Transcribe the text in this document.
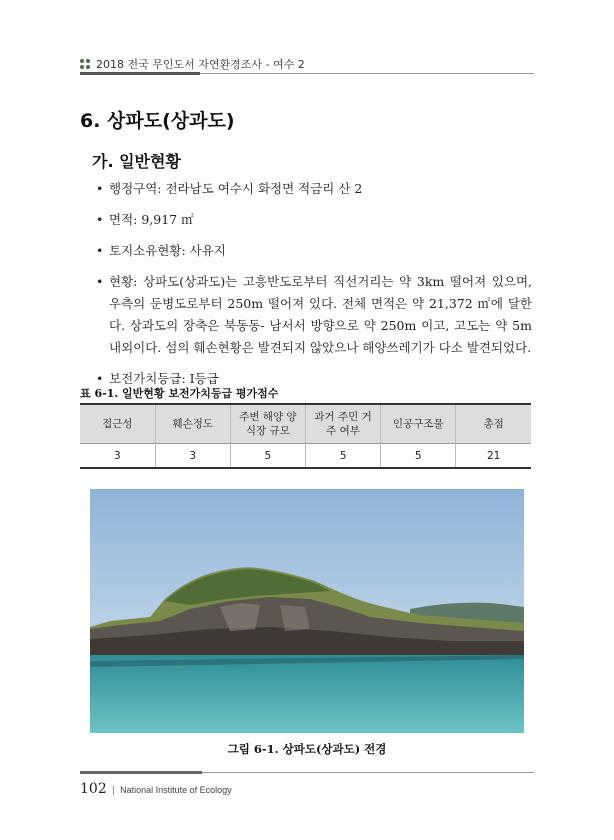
2018 전국 무인도서 자연환경조사 - 여수 2
6. 상파도(상과도)
가. 일반현황
• 행정구역: 전라남도 여수시 화정면 적금리 산 2
• 면적: 9,917 ㎡
• 토지소유현황: 사유지
• 현황: 상파도(상과도)는 고흥반도로부터 직선거리는 약 3km 떨어져 있으며, 우측의 둔병도로부터 250m 떨어져 있다. 전체 면적은 약 21,372 ㎡에 달한다. 상과도의 장축은 북동동- 남서서 방향으로 약 250m 이고, 고도는 약 5m 내외이다. 섬의 훼손현황은 발견되지 않았으나 해양쓰레기가 다소 발견되었다.
• 보전가치등급: Ⅰ등급
표 6-1. 일반현황 보전가치등급 평가점수
접근성	훼손정도	주변 해양 양식장 규모	과거 주민 거주 여부	인공구조물	총점
3	3	5	5	5	21
그림 6-1. 상파도(상과도) 전경
102 | National Institute of Ecology
